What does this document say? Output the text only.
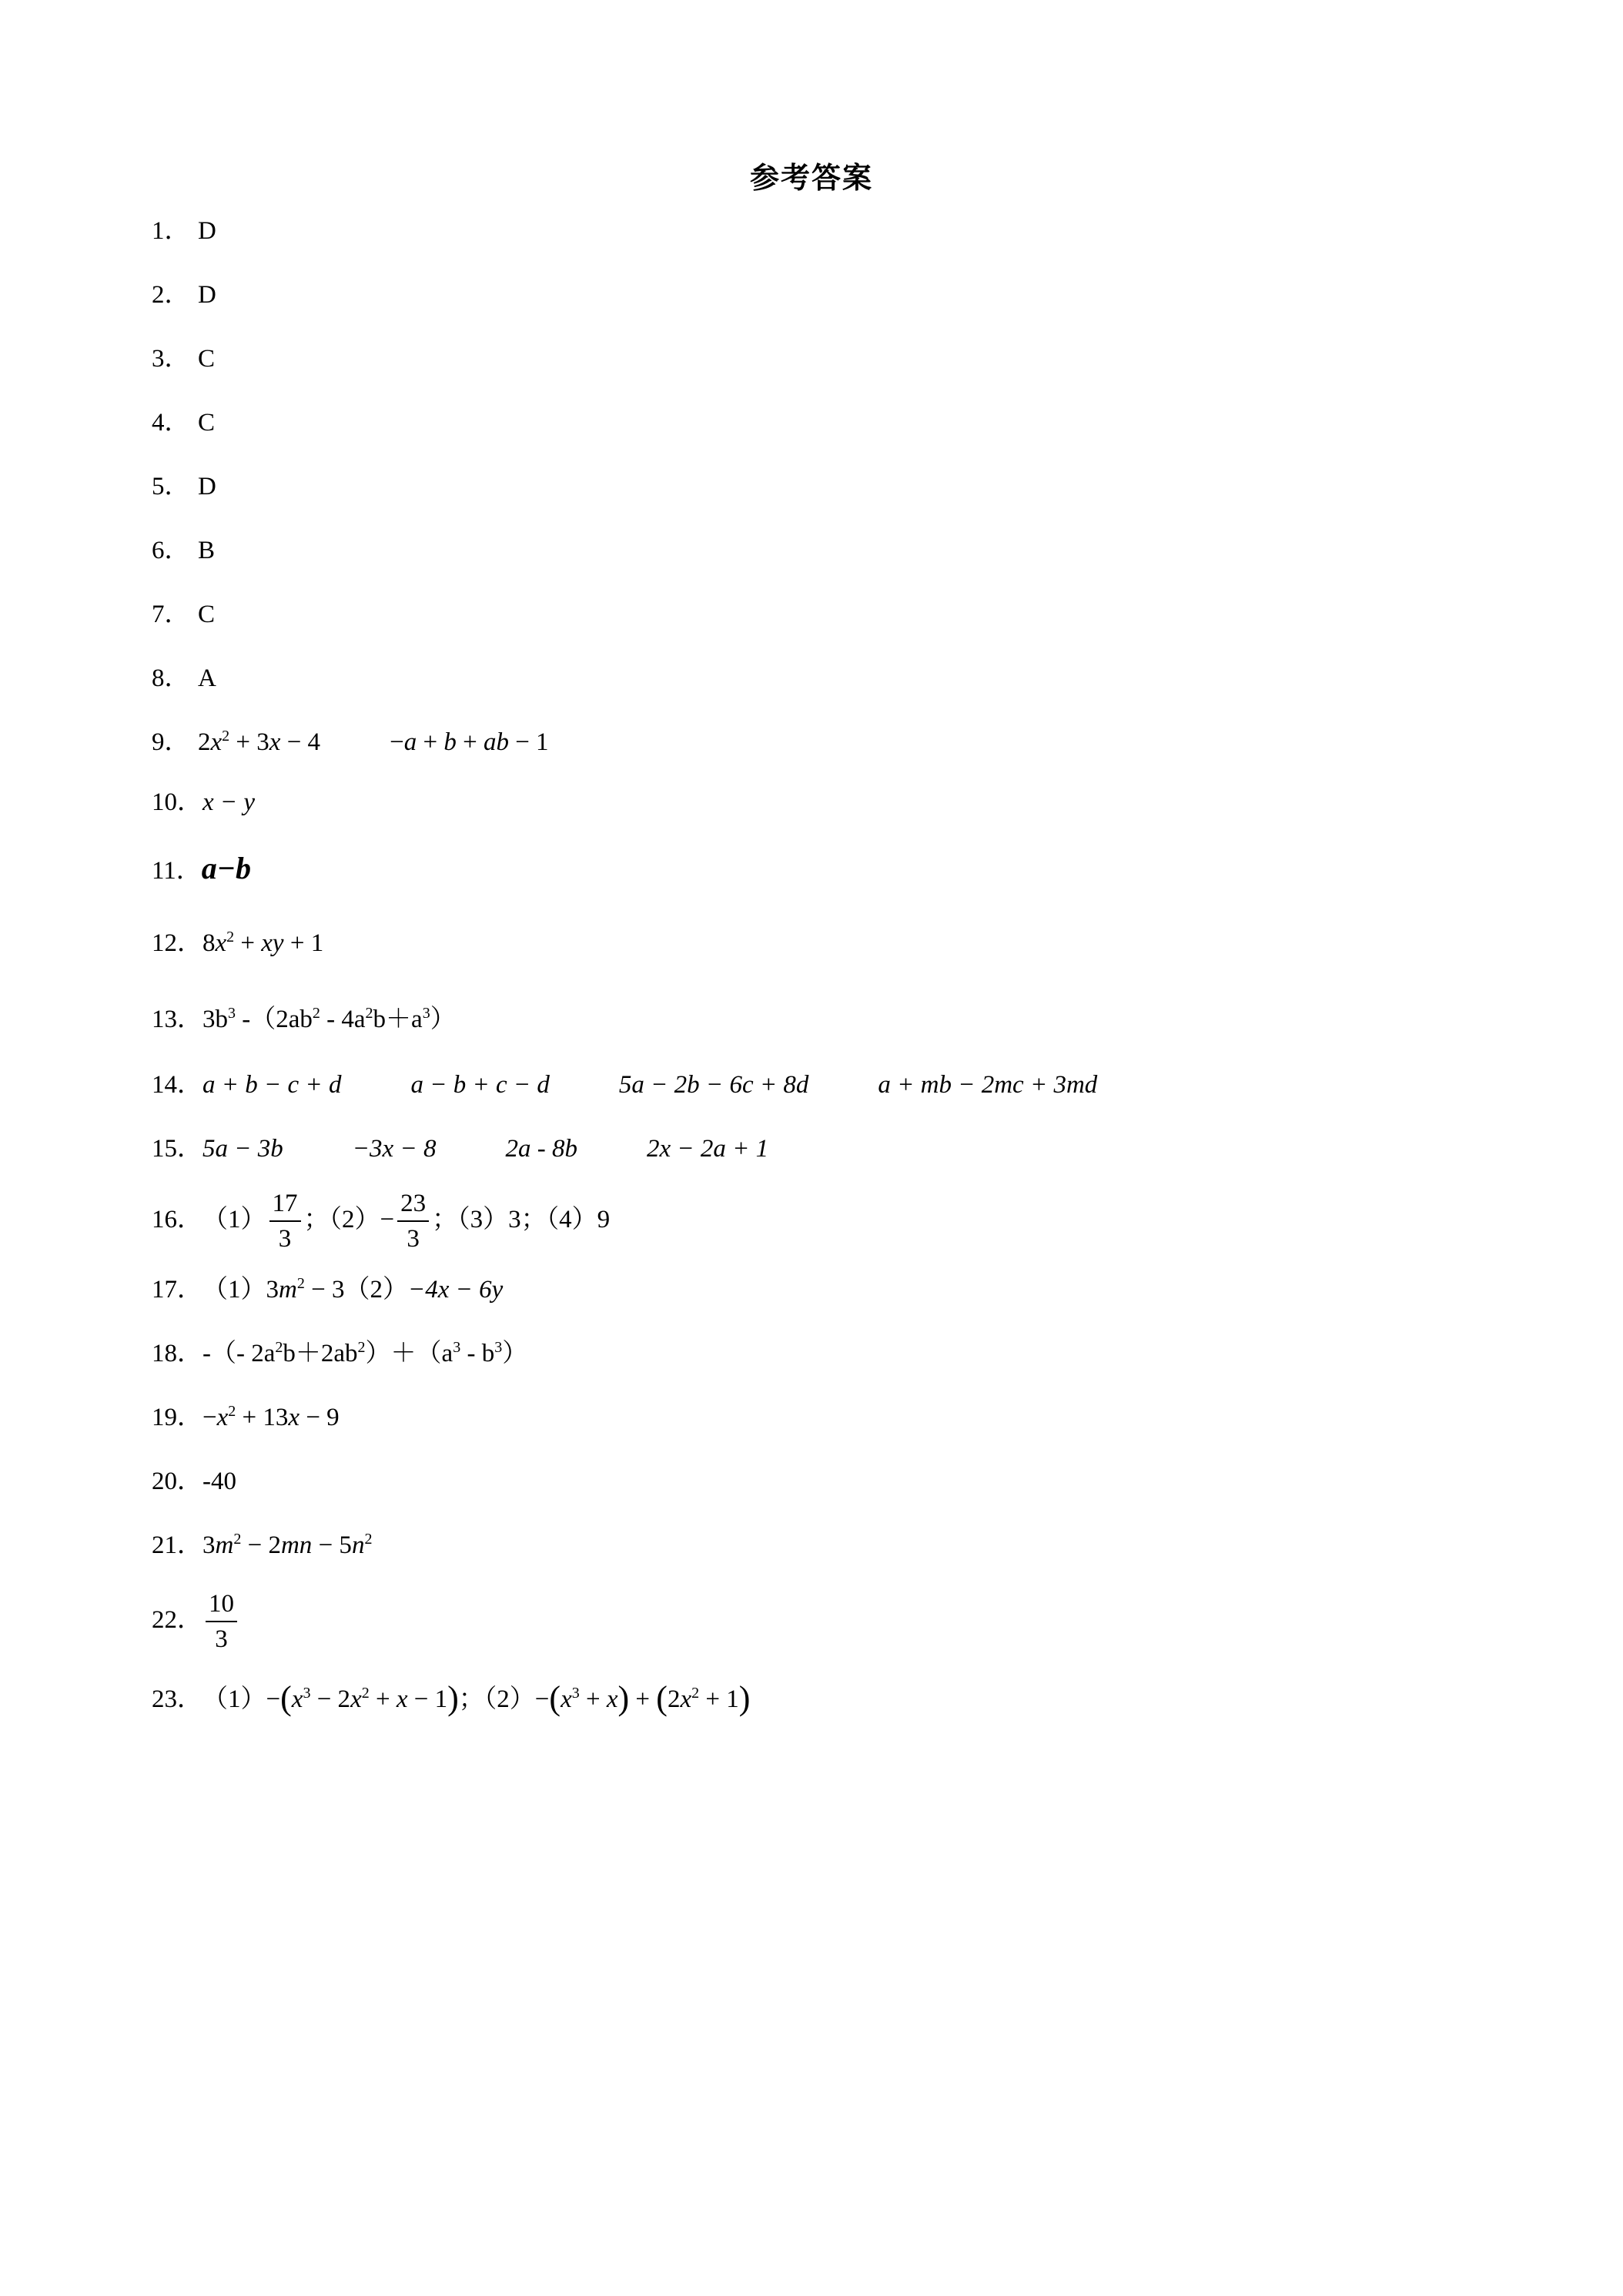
参考答案
1． D
2． D
3． C
4． C
5． D
6． B
7． C
8． A
9． $2x^2 + 3x - 4$	−a + b + ab − 1
10．x − y
11．a−b
12．$8x^2$ + xy + 1
13．$3b^3$ $-(2ab^2 - 4a^2b+a^3)$
14．a + b − c + d	a − b + c − d	5a − 2b − 6c + 8d	a + mb − 2mc + 3md
15．5a − 3b	−3x − 8	2a - 8b	2x − 2a + 1
16．$(1) \frac{17}{3}$ ；$(2)- \frac{23}{3}$ ；（3）3；（4）9
17．$(1)3m^2 - 3(2)-4x - 6y$
18．-（- $2a^2b+2ab^2)+(a^3 - b^3)$
19．$-x^2 + 13x - 9$
20．-40
21．$3m^2 - 2mn - 5n^2$
22． $\frac{10}{3}$
23．$(1)-(x^3 - 2x^2 + x - 1)$；$(2)-(x^3 + x) + (2x^2 + 1)$
